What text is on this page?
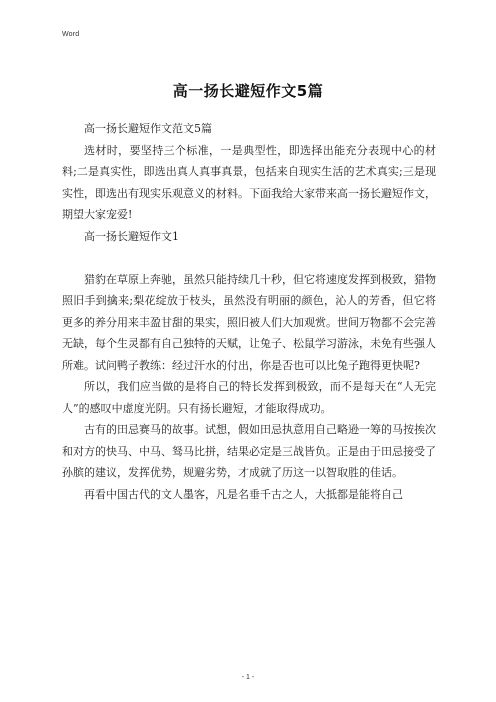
Word
高一扬长避短作文5篇

高一扬长避短作文范文5篇

选材时，要坚持三个标准，一是典型性，即选择出能充分表现中心的材料;二是真实性，即选出真人真事真景，包括来自现实生活的艺术真实;三是现实性，即选出有现实乐观意义的材料。下面我给大家带来高一扬长避短作文，期望大家宠爱!

高一扬长避短作文1

猎豹在草原上奔驰，虽然只能持续几十秒，但它将速度发挥到极致，猎物照旧手到擒来;梨花绽放于枝头，虽然没有明丽的颜色，沁人的芳香，但它将更多的养分用来丰盈甘甜的果实，照旧被人们大加观赏。世间万物都不会完善无缺，每个生灵都有自己独特的天赋，让兔子、松鼠学习游泳，未免有些强人所难。试问鸭子教练：经过汗水的付出，你是否也可以比兔子跑得更快呢?

所以，我们应当做的是将自己的特长发挥到极致，而不是每天在“人无完人”的感叹中虚度光阴。只有扬长避短，才能取得成功。

古有的田忌赛马的故事。试想，假如田忌执意用自己略逊一筹的马按挨次和对方的快马、中马、驽马比拼，结果必定是三战皆负。正是由于田忌接受了孙膑的建议，发挥优势，规避劣势，才成就了历这一以智取胜的佳话。

再看中国古代的文人墨客，凡是名垂千古之人，大抵都是能将自己

- 1 -
